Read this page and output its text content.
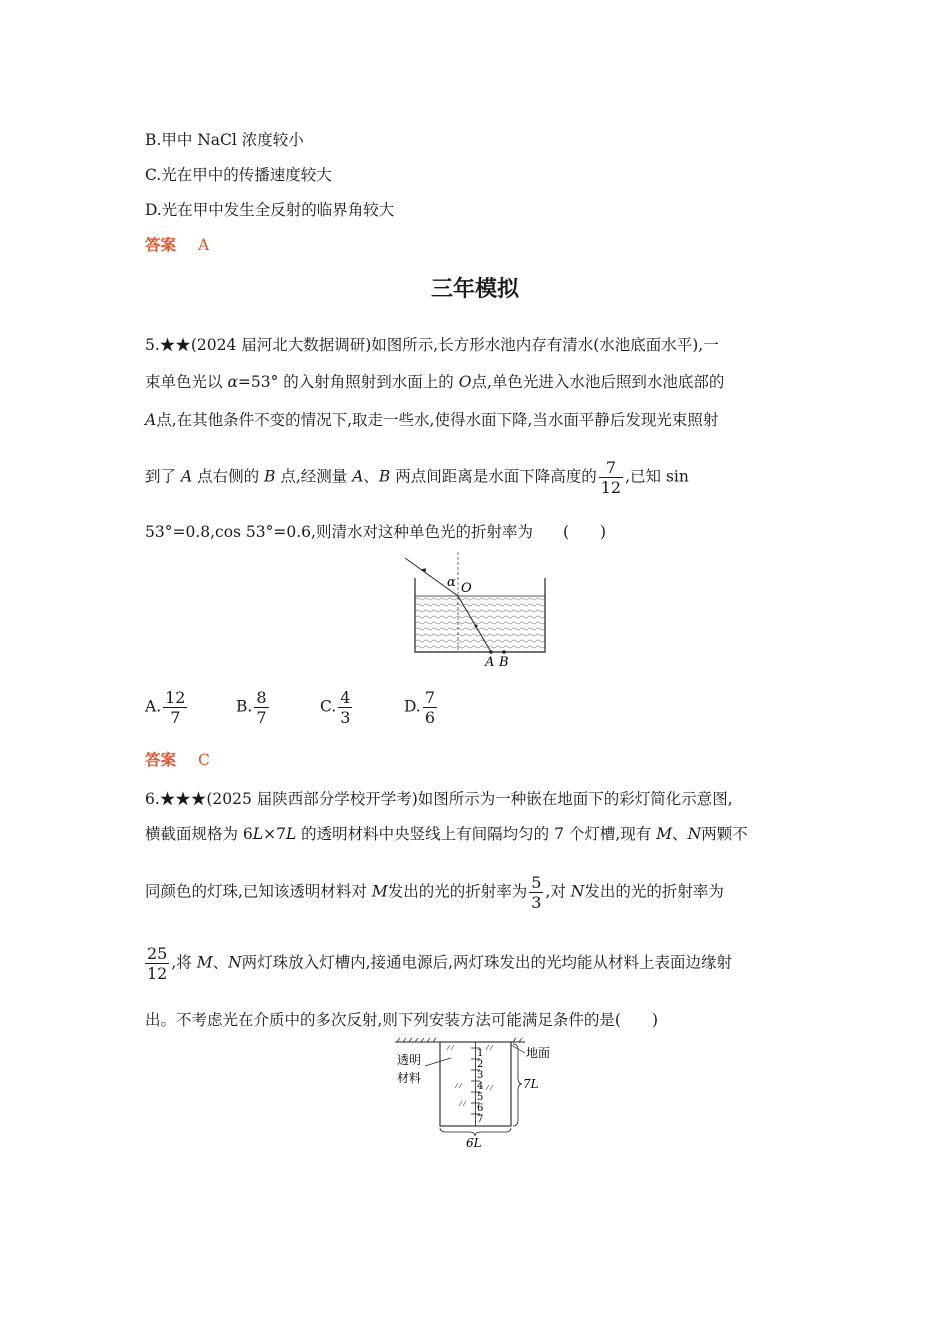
B.甲中 NaCl 浓度较小
C.光在甲中的传播速度较大
D.光在甲中发生全反射的临界角较大
答案 A
三年模拟
5.★★(2024 届河北大数据调研)如图所示,长方形水池内存有清水(水池底面水平),一
束单色光以 α=53° 的入射角照射到水面上的 O点,单色光进入水池后照到水池底部的
A点,在其他条件不变的情况下,取走一些水,使得水面下降,当水面平静后发现光束照射
到了 A 点右侧的 B 点,经测量 A、B 两点间距离是水面下降高度的 $\frac{7}{12}$ ,已知 sin
53°=0.8,cos 53°=0.6,则清水对这种单色光的折射率为 (　　)
α O
A B
A. $\frac{12}{7}$	B. $\frac{8}{7}$	C. $\frac{4}{3}$	D. $\frac{7}{6}$
答案 C
6.★★★(2025 届陕西部分学校开学考)如图所示为一种嵌在地面下的彩灯简化示意图,
横截面规格为 6L×7L 的透明材料中央竖线上有间隔均匀的 7 个灯槽,现有 M、N两颗不
同颜色的灯珠,已知该透明材料对 M发出的光的折射率为 $\frac{5}{3}$ ,对 N发出的光的折射率为
$\frac{25}{12}$ ,将 M、N两灯珠放入灯槽内,接通电源后,两灯珠发出的光均能从材料上表面边缘射
出。不考虑光在介质中的多次反射,则下列安装方法可能满足条件的是(　　)
1
2
3
4
5
6
7
透明
材料
地面
7L
6L
